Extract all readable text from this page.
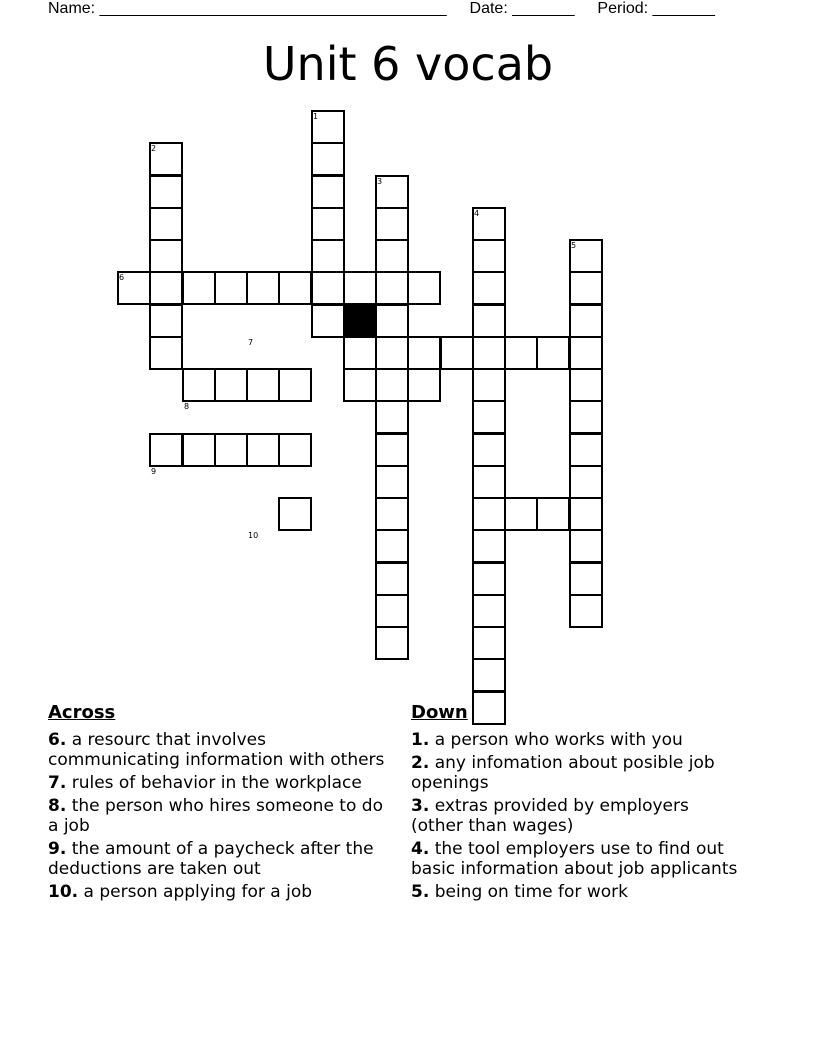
Name: _______________________________________ Date: _______ Period: _______
Unit 6 vocab
1
2
3
4
5
6
7
8
9
10
Across
6. a resourc that involves communicating information with others
7. rules of behavior in the workplace
8. the person who hires someone to do a job
9. the amount of a paycheck after the deductions are taken out
10. a person applying for a job
Down
1. a person who works with you
2. any infomation about posible job openings
3. extras provided by employers (other than wages)
4. the tool employers use to find out basic information about job applicants
5. being on time for work
